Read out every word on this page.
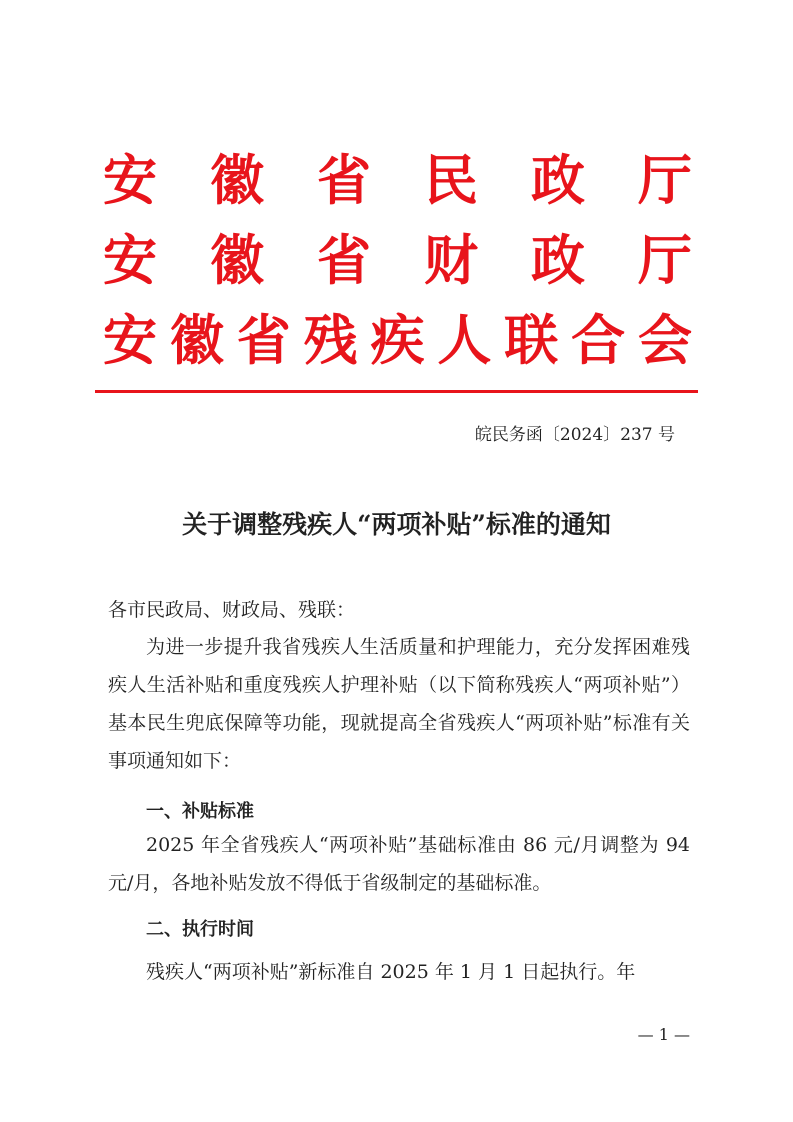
安 徽 省 民 政 厅
安 徽 省 财 政 厅
安 徽 省 残 疾 人 联 合 会
皖民务函〔2024〕237 号
关于调整残疾人“两项补贴”标准的通知
各市民政局、财政局、残联：
为进一步提升我省残疾人生活质量和护理能力，充分发挥困难残疾人生活补贴和重度残疾人护理补贴（以下简称残疾人“两项补贴”）基本民生兜底保障等功能，现就提高全省残疾人“两项补贴”标准有关事项通知如下：
一、补贴标准
2025 年全省残疾人“两项补贴”基础标准由 86 元/月调整为 94 元/月，各地补贴发放不得低于省级制定的基础标准。
二、执行时间
残疾人“两项补贴”新标准自 2025 年 1 月 1 日起执行。年
— 1 —
